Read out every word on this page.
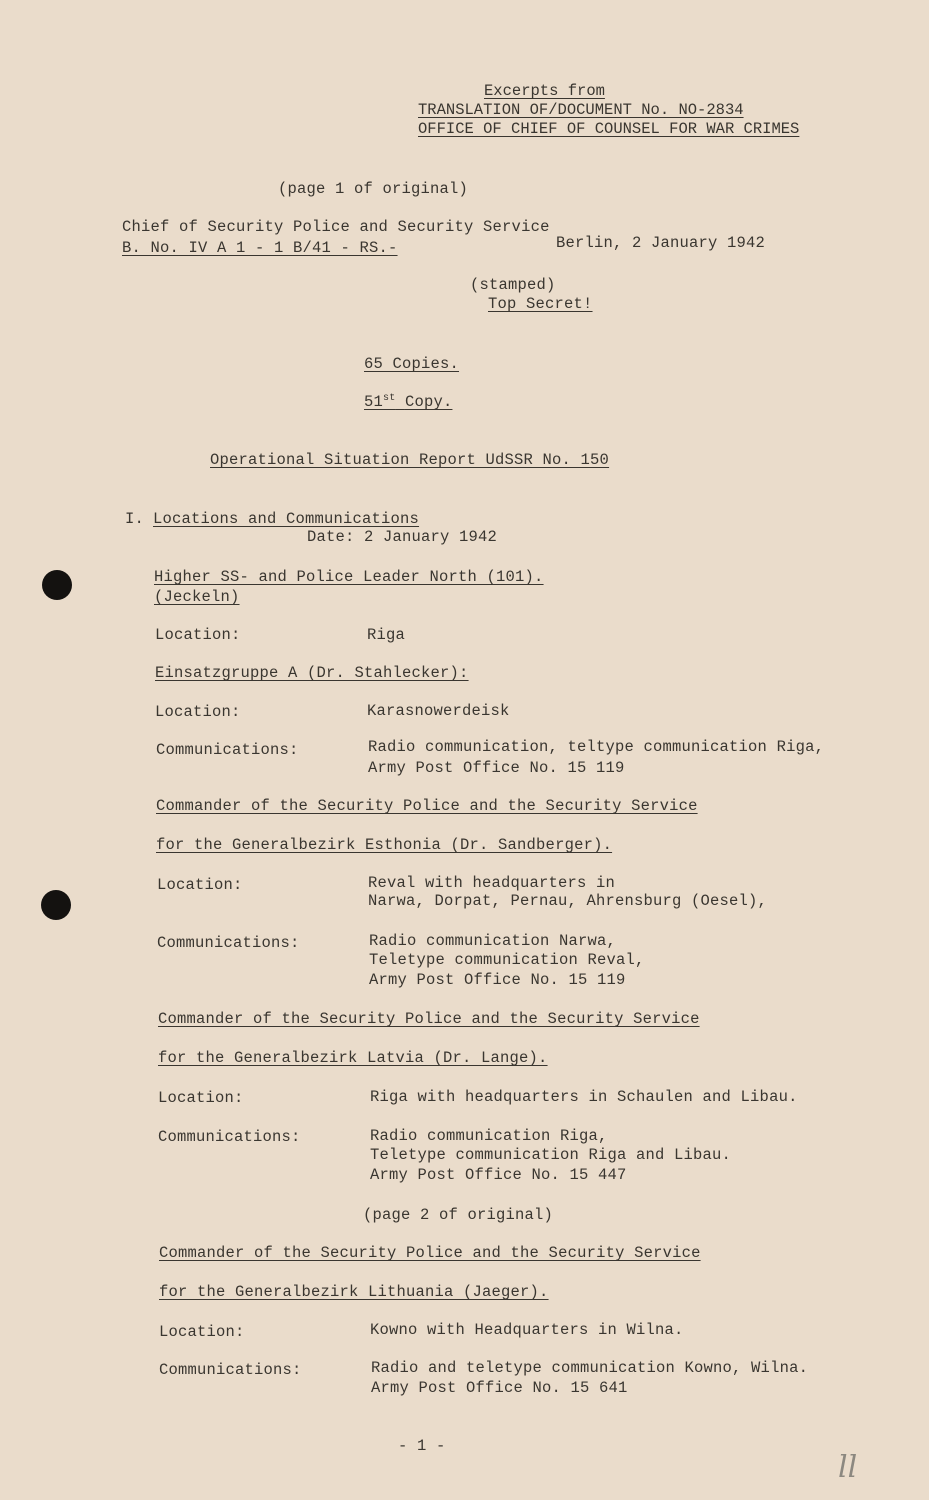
Excerpts from
TRANSLATION OF/DOCUMENT No. NO-2834
OFFICE OF CHIEF OF COUNSEL FOR WAR CRIMES
(page 1 of original)
Chief of Security Police and Security Service
B. No. IV A 1 - 1 B/41 - RS.-	Berlin, 2 January 1942
(stamped)
Top Secret!
65 Copies.
51st Copy.
Operational Situation Report UdSSR No. 150
I. Locations and Communications
Date: 2 January 1942
Higher SS- and Police Leader North (101).
(Jeckeln)
Location:	Riga
Einsatzgruppe A (Dr. Stahlecker):
Location:	Karasnowerdeisk
Communications:	Radio communication, teltype communication Riga,
Army Post Office No. 15 119
Commander of the Security Police and the Security Service
for the Generalbezirk Esthonia (Dr. Sandberger).
Location:	Reval with headquarters in
Narwa, Dorpat, Pernau, Ahrensburg (Oesel),
Communications:	Radio communication Narwa,
Teletype communication Reval,
Army Post Office No. 15 119
Commander of the Security Police and the Security Service
for the Generalbezirk Latvia (Dr. Lange).
Location:	Riga with headquarters in Schaulen and Libau.
Communications:	Radio communication Riga,
Teletype communication Riga and Libau.
Army Post Office No. 15 447
(page 2 of original)
Commander of the Security Police and the Security Service
for the Generalbezirk Lithuania (Jaeger).
Location:	Kowno with Headquarters in Wilna.
Communications:	Radio and teletype communication Kowno, Wilna.
Army Post Office No. 15 641
- 1 -
ll
